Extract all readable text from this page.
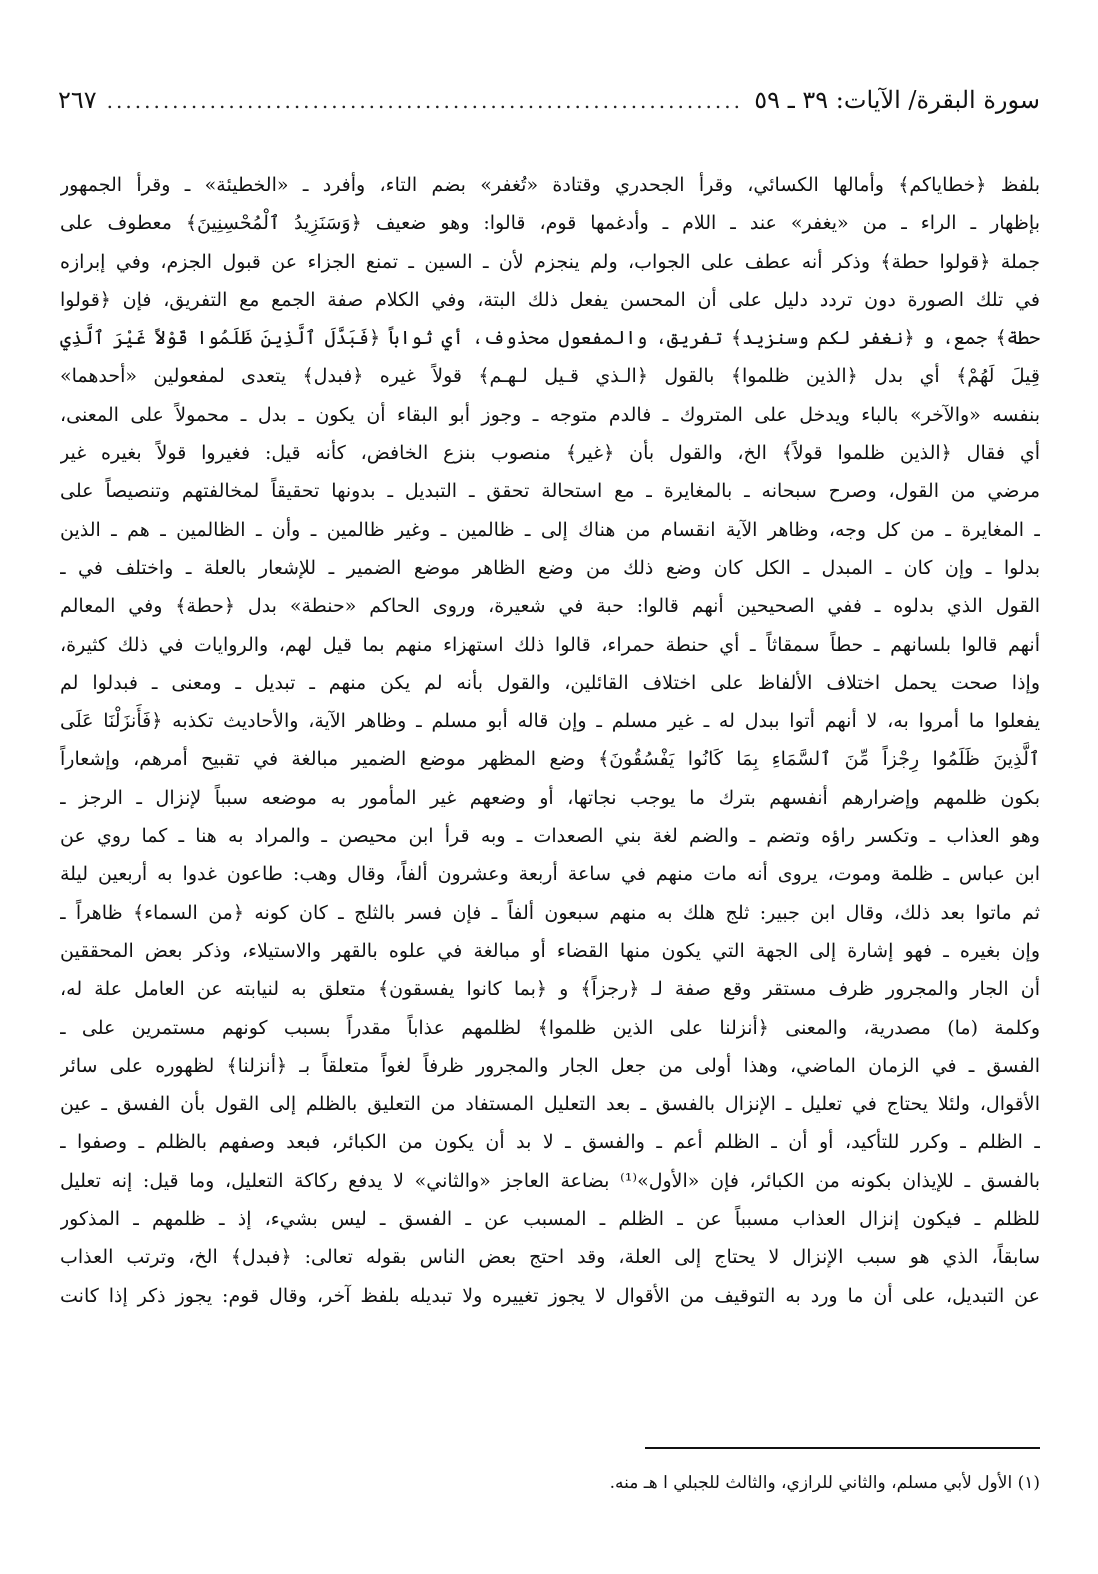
سورة البقرة/ الآيات: ٣٩ ـ ٥٩
.....
٢٦٧
بلفظ ﴿خطاياكم﴾ وأمالها الكسائي، وقرأ الجحدري وقتادة «تُغفر» بضم التاء، وأفرد ـ «الخطيئة» ـ وقرأ الجمهور
بإظهار ـ الراء ـ من «يغفر» عند ـ اللام ـ وأدغمها قوم، قالوا: وهو ضعيف ﴿وَسَنَزِيدُ ٱلْمُحْسِنِينَ﴾ معطوف على
جملة ﴿قولوا حطة﴾ وذكر أنه عطف على الجواب، ولم ينجزم لأن ـ السين ـ تمنع الجزاء عن قبول الجزم، وفي إبرازه
في تلك الصورة دون تردد دليل على أن المحسن يفعل ذلك البتة، وفي الكلام صفة الجمع مع التفريق، فإن ﴿قولوا
حطة﴾ جمع، و ﴿نغفر لكم وسنزيد﴾ تفريق، والمفعول محذوف، أي ثواباً ﴿فَبَدَّلَ ٱلَّذِينَ ظَلَمُوا قَوْلاً غَيْرَ ٱلَّذِي
قِيلَ لَهُمْ﴾ أي بدل ﴿الذين ظلموا﴾ بالقول ﴿الـذي قـيل لـهـم﴾ قولاً غيره ﴿فبدل﴾ يتعدى لمفعولين «أحدهما»
بنفسه «والآخر» بالباء ويدخل على المتروك ـ فالدم متوجه ـ وجوز أبو البقاء أن يكون ـ بدل ـ محمولاً على المعنى،
أي فقال ﴿الذين ظلموا قولاً﴾ الخ، والقول بأن ﴿غير﴾ منصوب بنزع الخافض، كأنه قيل: فغيروا قولاً بغيره غير
مرضي من القول، وصرح سبحانه ـ بالمغايرة ـ مع استحالة تحقق ـ التبديل ـ بدونها تحقيقاً لمخالفتهم وتنصيصاً على
ـ المغايرة ـ من كل وجه، وظاهر الآية انقسام من هناك إلى ـ ظالمين ـ وغير ظالمين ـ وأن ـ الظالمين ـ هم ـ الذين
بدلوا ـ وإن كان ـ المبدل ـ الكل كان وضع ذلك من وضع الظاهر موضع الضمير ـ للإشعار بالعلة ـ واختلف في ـ
القول الذي بدلوه ـ ففي الصحيحين أنهم قالوا: حبة في شعيرة، وروى الحاكم «حنطة» بدل ﴿حطة﴾ وفي المعالم
أنهم قالوا بلسانهم ـ حطاً سمقاثاً ـ أي حنطة حمراء، قالوا ذلك استهزاء منهم بما قيل لهم، والروايات في ذلك كثيرة،
وإذا صحت يحمل اختلاف الألفاظ على اختلاف القائلين، والقول بأنه لم يكن منهم ـ تبديل ـ ومعنى ـ فبدلوا لم
يفعلوا ما أمروا به، لا أنهم أتوا ببدل له ـ غير مسلم ـ وإن قاله أبو مسلم ـ وظاهر الآية، والأحاديث تكذبه ﴿فَأَنزَلْنَا عَلَى
ٱلَّذِينَ ظَلَمُوا رِجْزاً مِّنَ ٱلسَّمَاءِ بِمَا كَانُوا يَفْسُقُونَ﴾ وضع المظهر موضع الضمير مبالغة في تقبيح أمرهم، وإشعاراً
بكون ظلمهم وإضرارهم أنفسهم بترك ما يوجب نجاتها، أو وضعهم غير المأمور به موضعه سبباً لإنزال ـ الرجز ـ
وهو العذاب ـ وتكسر راؤه وتضم ـ والضم لغة بني الصعدات ـ وبه قرأ ابن محيصن ـ والمراد به هنا ـ كما روي عن
ابن عباس ـ ظلمة وموت، يروى أنه مات منهم في ساعة أربعة وعشرون ألفاً، وقال وهب: طاعون غدوا به أربعين ليلة
ثم ماتوا بعد ذلك، وقال ابن جبير: ثلج هلك به منهم سبعون ألفاً ـ فإن فسر بالثلج ـ كان كونه ﴿من السماء﴾ ظاهراً ـ
وإن بغيره ـ فهو إشارة إلى الجهة التي يكون منها القضاء أو مبالغة في علوه بالقهر والاستيلاء، وذكر بعض المحققين
أن الجار والمجرور ظرف مستقر وقع صفة لـ ﴿رجزاً﴾ و ﴿بما كانوا يفسقون﴾ متعلق به لنيابته عن العامل علة له،
وكلمة (ما) مصدرية، والمعنى ﴿أنزلنا على الذين ظلموا﴾ لظلمهم عذاباً مقدراً بسبب كونهم مستمرين على ـ
الفسق ـ في الزمان الماضي، وهذا أولى من جعل الجار والمجرور ظرفاً لغواً متعلقاً بـ ﴿أنزلنا﴾ لظهوره على سائر
الأقوال، ولئلا يحتاج في تعليل ـ الإنزال بالفسق ـ بعد التعليل المستفاد من التعليق بالظلم إلى القول بأن الفسق ـ عين
ـ الظلم ـ وكرر للتأكيد، أو أن ـ الظلم أعم ـ والفسق ـ لا بد أن يكون من الكبائر، فبعد وصفهم بالظلم ـ وصفوا ـ
بالفسق ـ للإيذان بكونه من الكبائر، فإن «الأول»⁽¹⁾ بضاعة العاجز «والثاني» لا يدفع ركاكة التعليل، وما قيل: إنه تعليل
للظلم ـ فيكون إنزال العذاب مسبباً عن ـ الظلم ـ المسبب عن ـ الفسق ـ ليس بشيء، إذ ـ ظلمهم ـ المذكور
سابقاً، الذي هو سبب الإنزال لا يحتاج إلى العلة، وقد احتج بعض الناس بقوله تعالى: ﴿فبدل﴾ الخ، وترتب العذاب
عن التبديل، على أن ما ورد به التوقيف من الأقوال لا يجوز تغييره ولا تبديله بلفظ آخر، وقال قوم: يجوز ذكر إذا كانت
(١) الأول لأبي مسلم، والثاني للرازي، والثالث للجبلي ا هـ منه.
